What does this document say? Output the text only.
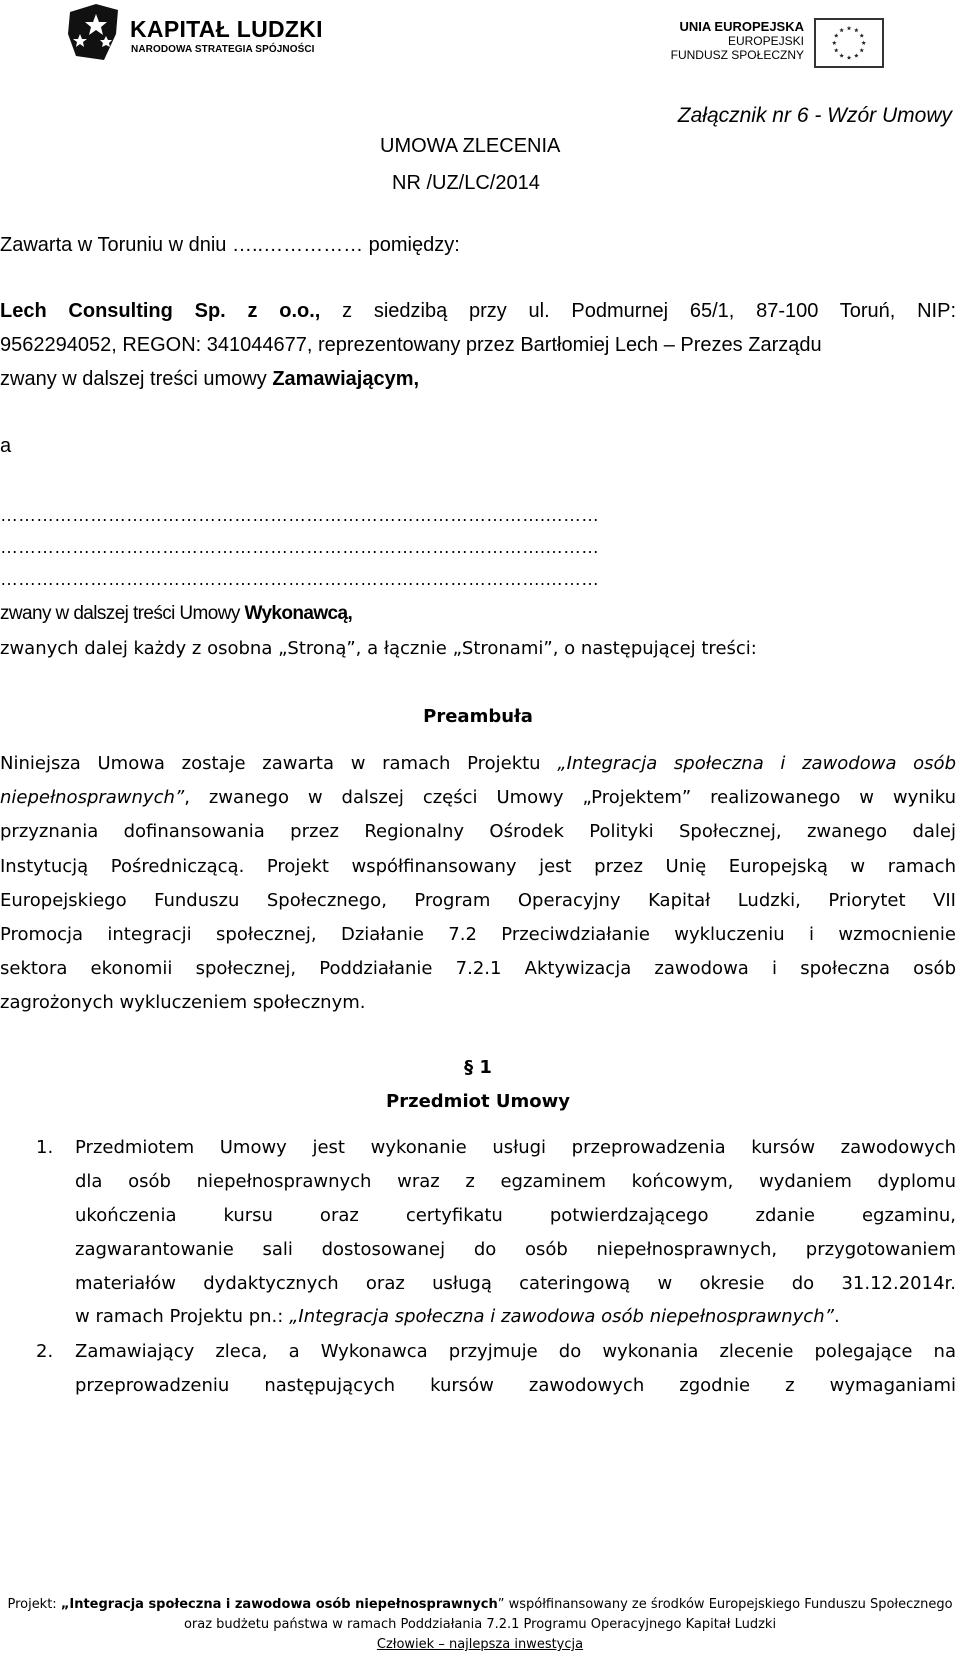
KAPITAŁ LUDZKI
NARODOWA STRATEGIA SPÓJNOŚCI
UNIA EUROPEJSKA
EUROPEJSKI
FUNDUSZ SPOŁECZNY
Załącznik nr 6 - Wzór Umowy
UMOWA ZLECENIA
NR /UZ/LC/2014
Zawarta w Toruniu w dniu …..…………… pomiędzy:
Lech Consulting Sp. z o.o., z siedzibą przy ul. Podmurnej 65/1, 87-100 Toruń, NIP:
9562294052, REGON: 341044677, reprezentowany przez Bartłomiej Lech – Prezes Zarządu
zwany w dalszej treści umowy Zamawiającym,
a
……………………………………………………………………………….………
……………………………………………………………………………….………
……………………………………………………………………………….………
zwany w dalszej treści Umowy Wykonawcą,
zwanych dalej każdy z osobna „Stroną”, a łącznie „Stronami”, o następującej treści:
Preambuła
Niniejsza Umowa zostaje zawarta w ramach Projektu „Integracja społeczna i zawodowa osób
niepełnosprawnych”, zwanego w dalszej części Umowy „Projektem” realizowanego w wyniku
przyznania dofinansowania przez Regionalny Ośrodek Polityki Społecznej, zwanego dalej
Instytucją Pośredniczącą. Projekt współfinansowany jest przez Unię Europejską w ramach
Europejskiego Funduszu Społecznego, Program Operacyjny Kapitał Ludzki, Priorytet VII
Promocja integracji społecznej, Działanie 7.2 Przeciwdziałanie wykluczeniu i wzmocnienie
sektora ekonomii społecznej, Poddziałanie 7.2.1 Aktywizacja zawodowa i społeczna osób
zagrożonych wykluczeniem społecznym.
§ 1
Przedmiot Umowy
1. Przedmiotem Umowy jest wykonanie usługi przeprowadzenia kursów zawodowych
dla osób niepełnosprawnych wraz z egzaminem końcowym, wydaniem dyplomu
ukończenia kursu oraz certyfikatu potwierdzającego zdanie egzaminu,
zagwarantowanie sali dostosowanej do osób niepełnosprawnych, przygotowaniem
materiałów dydaktycznych oraz usługą cateringową w okresie do 31.12.2014r.
w ramach Projektu pn.: „Integracja społeczna i zawodowa osób niepełnosprawnych”.
2. Zamawiający zleca, a Wykonawca przyjmuje do wykonania zlecenie polegające na
przeprowadzeniu następujących kursów zawodowych zgodnie z wymaganiami
Projekt: „Integracja społeczna i zawodowa osób niepełnosprawnych” współfinansowany ze środków Europejskiego Funduszu Społecznego
oraz budżetu państwa w ramach Poddziałania 7.2.1 Programu Operacyjnego Kapitał Ludzki
Człowiek – najlepsza inwestycja
